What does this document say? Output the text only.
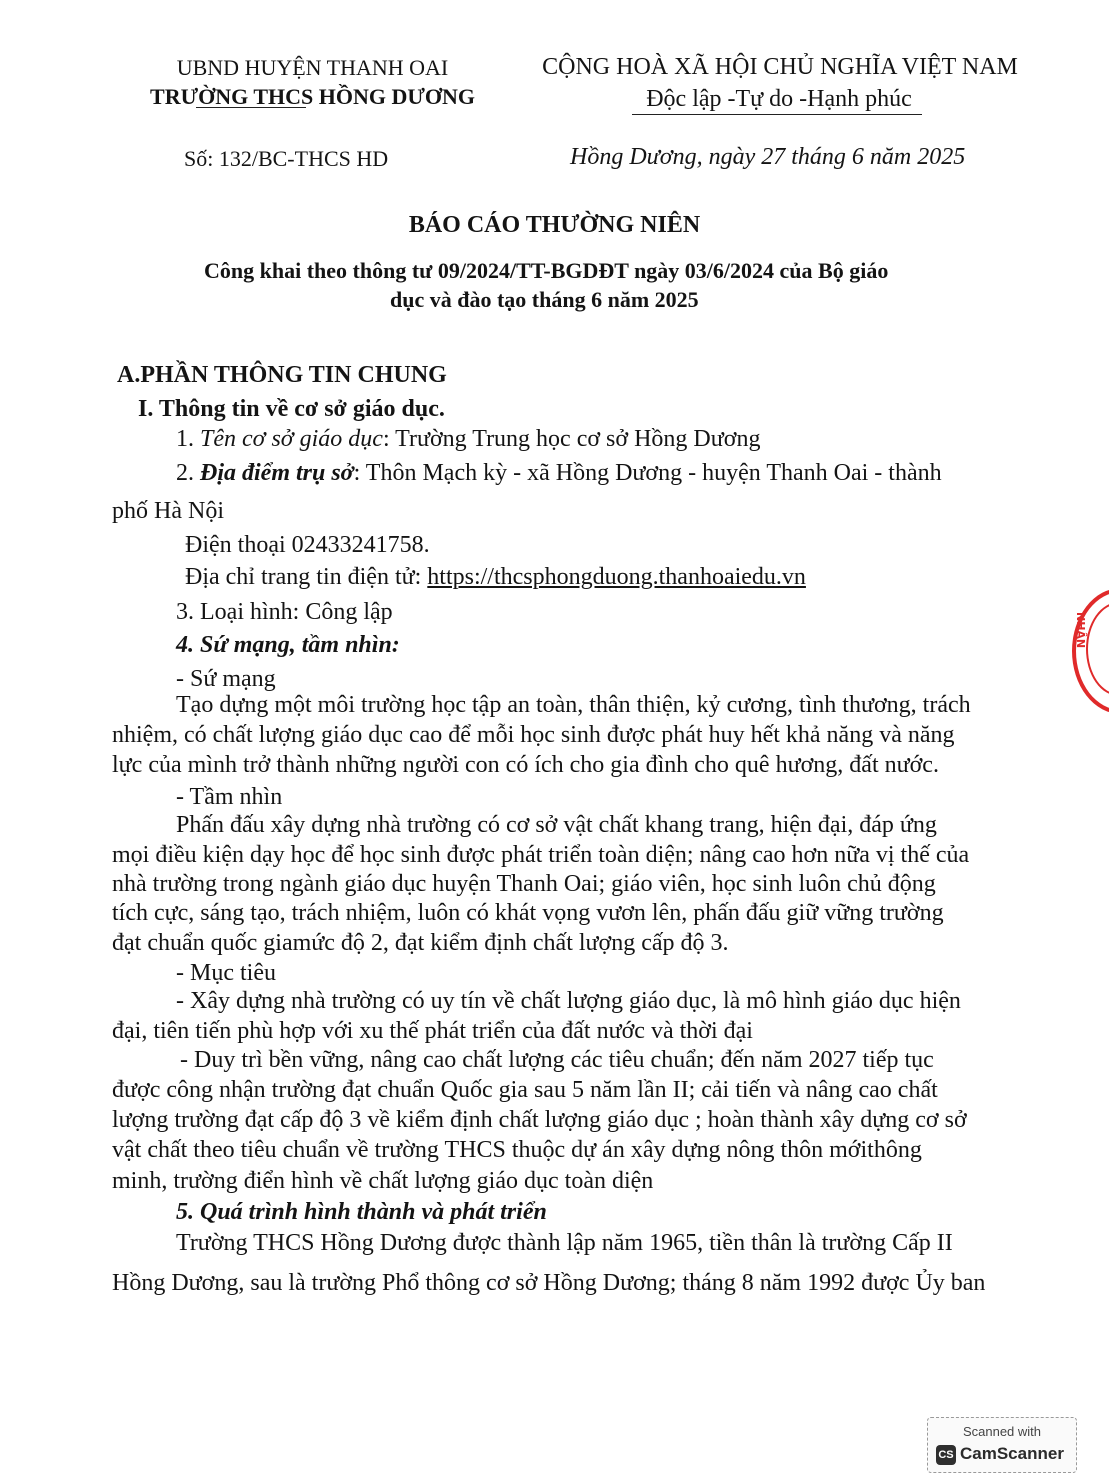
UBND HUYỆN THANH OAI
TRƯỜNG THCS HỒNG DƯƠNG
CỘNG HOÀ XÃ HỘI CHỦ NGHĨA VIỆT NAM
Độc lập -Tự do -Hạnh phúc
Số: 132/BC-THCS HD	Hồng Dương, ngày 27 tháng 6 năm 2025
BÁO CÁO THƯỜNG NIÊN
Công khai theo thông tư 09/2024/TT-BGDĐT ngày 03/6/2024 của Bộ giáo
dục và đào tạo tháng 6 năm 2025
A.PHẦN THÔNG TIN CHUNG
I. Thông tin về cơ sở giáo dục.
1. Tên cơ sở giáo dục: Trường Trung học cơ sở Hồng Dương
2. Địa điểm trụ sở: Thôn Mạch kỳ - xã Hồng Dương - huyện Thanh Oai - thành
phố Hà Nội
Điện thoại 02433241758.
Địa chỉ trang tin điện tử: https://thcsphongduong.thanhoaiedu.vn
3. Loại hình: Công lập
4. Sứ mạng, tầm nhìn:
- Sứ mạng
Tạo dựng một môi trường học tập an toàn, thân thiện, kỷ cương, tình thương, trách
nhiệm, có chất lượng giáo dục cao để mỗi học sinh được phát huy hết khả năng và năng
lực của mình trở thành những người con có ích cho gia đình cho quê hương, đất nước.
- Tầm nhìn
Phấn đấu xây dựng nhà trường có cơ sở vật chất khang trang, hiện đại, đáp ứng
mọi điều kiện dạy học để học sinh được phát triển toàn diện; nâng cao hơn nữa vị thế của
nhà trường trong ngành giáo dục huyện Thanh Oai; giáo viên, học sinh luôn chủ động
tích cực, sáng tạo, trách nhiệm, luôn có khát vọng vươn lên, phấn đấu giữ vững trường
đạt chuẩn quốc giamức độ 2, đạt kiểm định chất lượng cấp độ 3.
- Mục tiêu
- Xây dựng nhà trường có uy tín về chất lượng giáo dục, là mô hình giáo dục hiện
đại, tiên tiến phù hợp với xu thế phát triển của đất nước và thời đại
- Duy trì bền vững, nâng cao chất lượng các tiêu chuẩn; đến năm 2027 tiếp tục
được công nhận trường đạt chuẩn Quốc gia sau 5 năm lần II; cải tiến và nâng cao chất
lượng trường đạt cấp độ 3 về kiểm định chất lượng giáo dục ; hoàn thành xây dựng cơ sở
vật chất theo tiêu chuẩn về trường THCS thuộc dự án xây dựng nông thôn mớithông
minh, trường điển hình về chất lượng giáo dục toàn diện
5. Quá trình hình thành và phát triển
Trường THCS Hồng Dương được thành lập năm 1965, tiền thân là trường Cấp II
Hồng Dương, sau là trường Phổ thông cơ sở Hồng Dương; tháng 8 năm 1992 được Ủy ban
NHẬN
Scanned with
CS CamScanner
